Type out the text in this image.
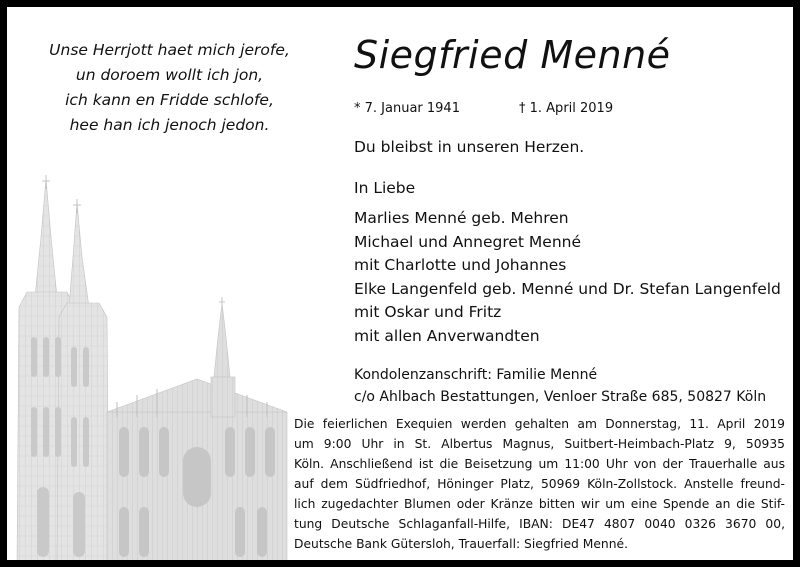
Unse Herrjott haet mich jerofe,
un doroem wollt ich jon,
ich kann en Fridde schlofe,
hee han ich jenoch jedon.
Siegfried Menné
* 7. Januar 1941	† 1. April 2019
Du bleibst in unseren Herzen.
In Liebe
Marlies Menné geb. Mehren
Michael und Annegret Menné
mit Charlotte und Johannes
Elke Langenfeld geb. Menné und Dr. Stefan Langenfeld
mit Oskar und Fritz
mit allen Anverwandten
Kondolenzanschrift: Familie Menné
c/o Ahlbach Bestattungen, Venloer Straße 685, 50827 Köln
Die feierlichen Exequien werden gehalten am Donnerstag, 11. April 2019
um 9:00 Uhr in St. Albertus Magnus, Suitbert-Heimbach-Platz 9, 50935
Köln. Anschließend ist die Beisetzung um 11:00 Uhr von der Trauerhalle aus
auf dem Südfriedhof, Höninger Platz, 50969 Köln-Zollstock. Anstelle freund-
lich zugedachter Blumen oder Kränze bitten wir um eine Spende an die Stif-
tung Deutsche Schlaganfall-Hilfe, IBAN: DE47 4807 0040 0326 3670 00,
Deutsche Bank Gütersloh, Trauerfall: Siegfried Menné.
